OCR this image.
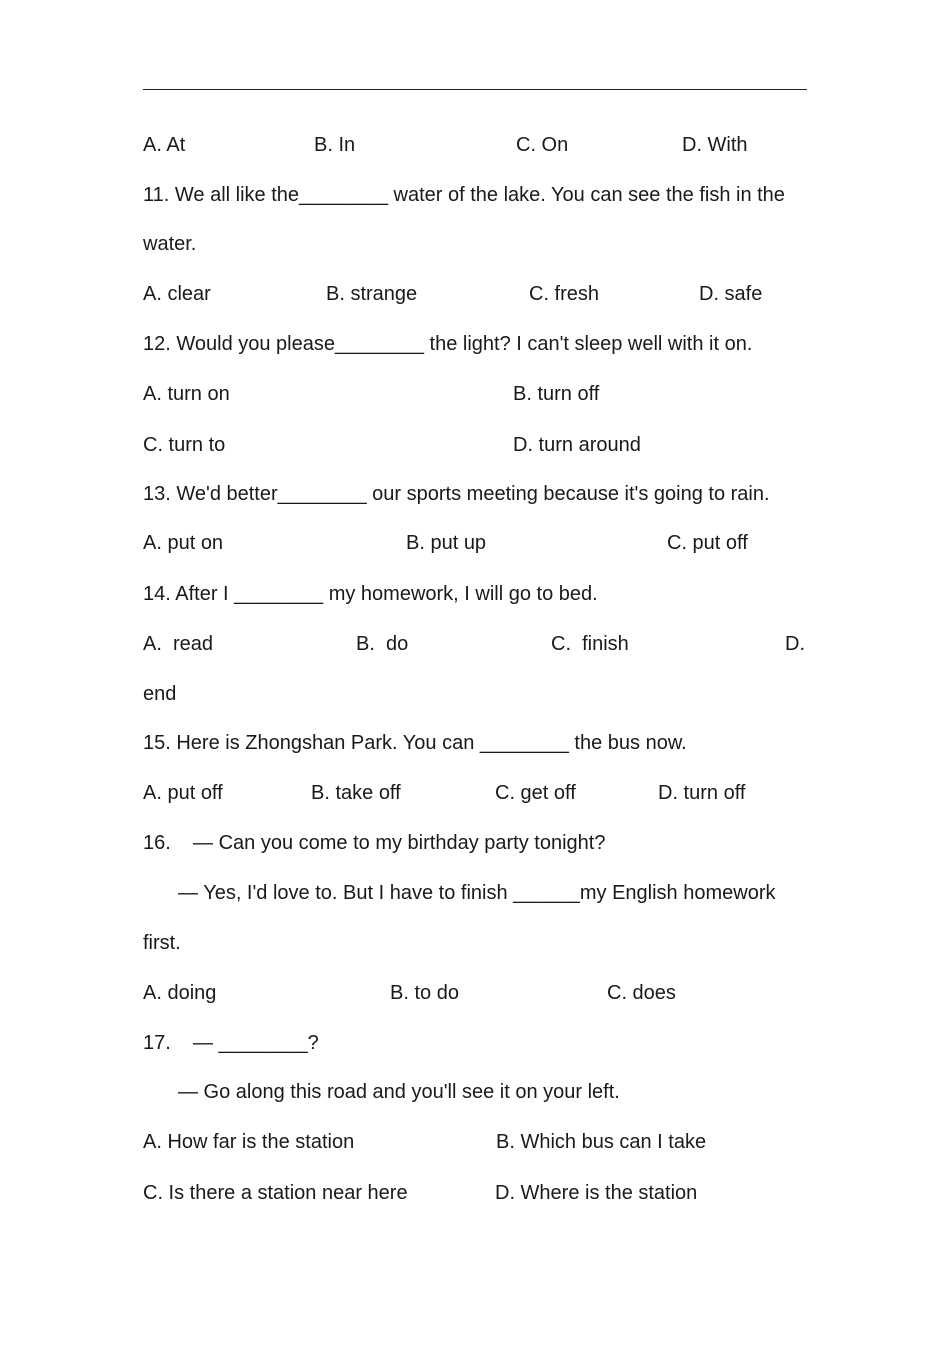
A. At	B. In	C. On	D. With
11. We all like the________ water of the lake. You can see the fish in the
water.
A. clear	B. strange	C. fresh	D. safe
12. Would you please________ the light? I can't sleep well with it on.
A. turn on	B. turn off
C. turn to	D. turn around
13. We'd better________ our sports meeting because it's going to rain.
A. put on	B. put up	C. put off
14. After I ________ my homework, I will go to bed.
A.  read	B.  do	C.  finish	D.
end
15. Here is Zhongshan Park. You can ________ the bus now.
A. put off	B. take off	C. get off	D. turn off
16.    — Can you come to my birthday party tonight?
— Yes, I'd love to. But I have to finish ______my English homework
first.
A. doing	B. to do	C. does
17.    — ________?
— Go along this road and you'll see it on your left.
A. How far is the station	B. Which bus can I take
C. Is there a station near here	D. Where is the station
